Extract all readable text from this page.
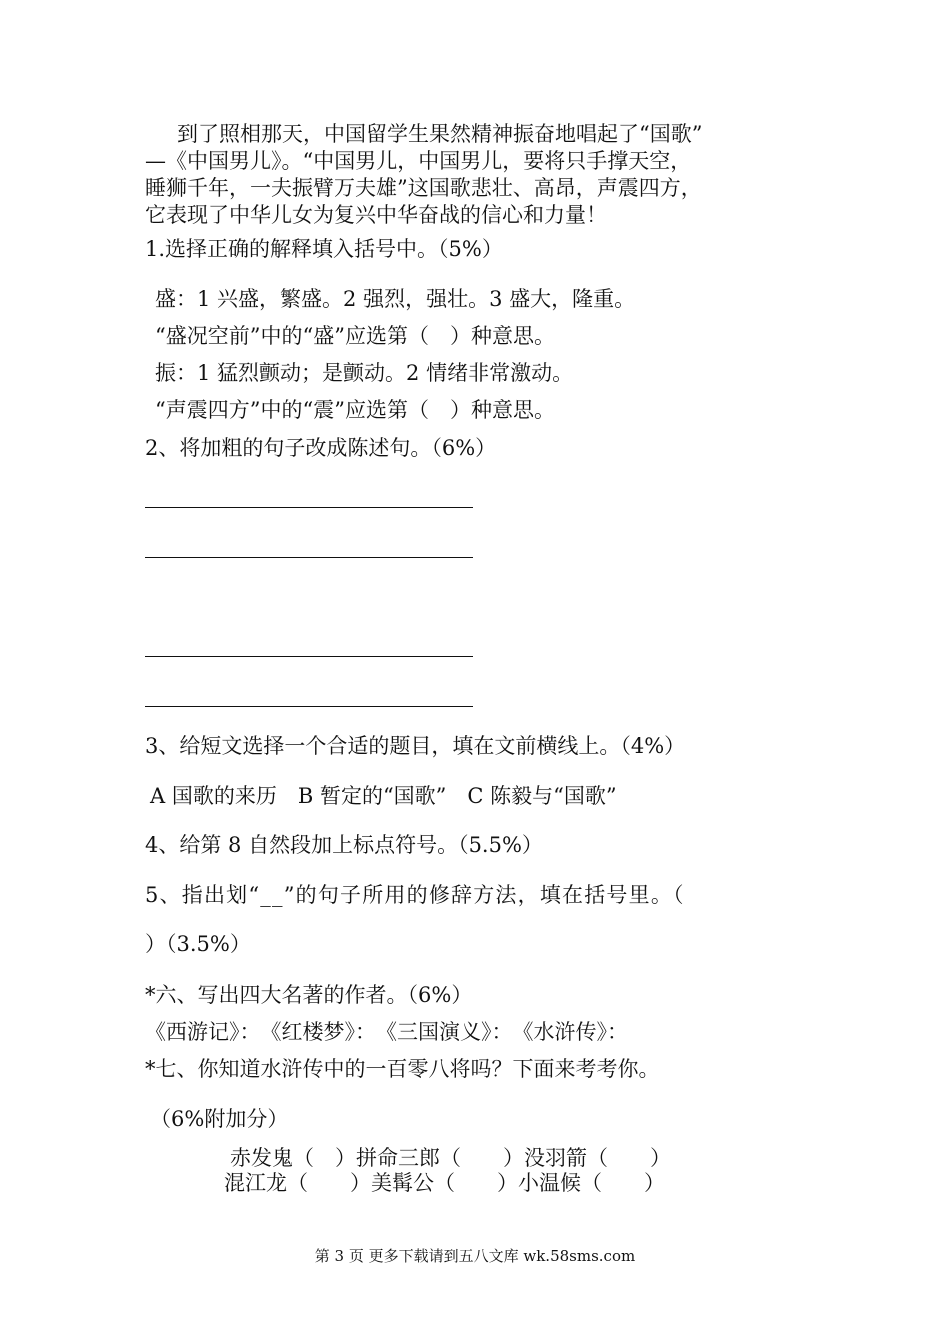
到了照相那天，中国留学生果然精神振奋地唱起了“国歌”

—《中国男儿》。“中国男儿，中国男儿，要将只手撑天空，

睡狮千年，一夫振臂万夫雄”这国歌悲壮、高昂，声震四方，

它表现了中华儿女为复兴中华奋战的信心和力量！

1.选择正确的解释填入括号中。（5%）
盛：1 兴盛，繁盛。2 强烈，强壮。3 盛大，隆重。
“盛况空前”中的“盛”应选第（　）种意思。
振：1 猛烈颤动；是颤动。2 情绪非常激动。
“声震四方”中的“震”应选第（　）种意思。
2、将加粗的句子改成陈述句。（6%）
3、给短文选择一个合适的题目，填在文前横线上。（4%）
A 国歌的来历　B 暂定的“国歌”　C 陈毅与“国歌”
4、给第 8 自然段加上标点符号。（5.5%）
5、指出划“__”的句子所用的修辞方法，填在括号里。（
）（3.5%）
*六、写出四大名著的作者。（6%）
《西游记》：　《红楼梦》：　《三国演义》：　《水浒传》：
*七、你知道水浒传中的一百零八将吗？下面来考考你。
（6%附加分）
赤发鬼（　）拼命三郎（　　）没羽箭（　　）
混江龙（　　）美髯公（　　）小温候（　　）
第 3 页 更多下载请到五八文库 wk.58sms.com
